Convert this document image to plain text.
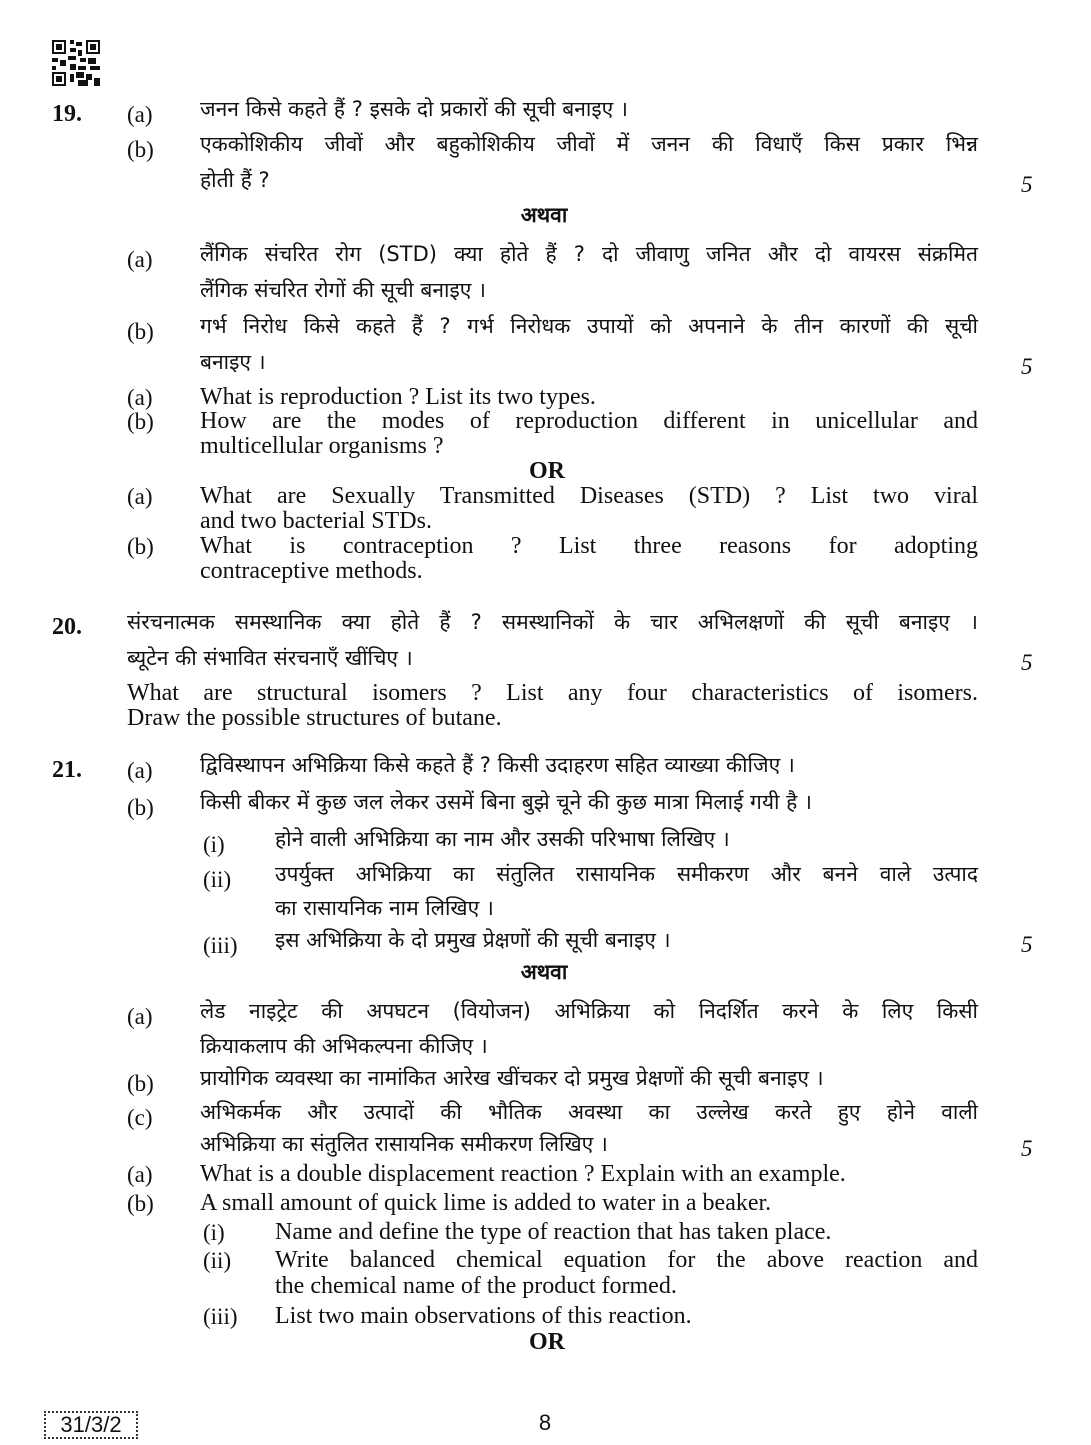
19. (a) जनन किसे कहते हैं ? इसके दो प्रकारों की सूची बनाइए ।
(b) एककोशिकीय जीवों और बहुकोशिकीय जीवों में जनन की विधाएँ किस प्रकार भिन्न
होती हैं ?	5
अथवा
(a) लैंगिक संचरित रोग (STD) क्या होते हैं ? दो जीवाणु जनित और दो वायरस संक्रमित
लैंगिक संचरित रोगों की सूची बनाइए ।
(b) गर्भ निरोध किसे कहते हैं ? गर्भ निरोधक उपायों को अपनाने के तीन कारणों की सूची
बनाइए ।	5
(a) What is reproduction ? List its two types.
(b) How are the modes of reproduction different in unicellular and
multicellular organisms ?
OR
(a) What are Sexually Transmitted Diseases (STD) ? List two viral
and two bacterial STDs.
(b) What is contraception ? List three reasons for adopting
contraceptive methods.
20. संरचनात्मक समस्थानिक क्या होते हैं ? समस्थानिकों के चार अभिलक्षणों की सूची बनाइए ।
ब्यूटेन की संभावित संरचनाएँ खींचिए ।	5
What are structural isomers ? List any four characteristics of isomers.
Draw the possible structures of butane.
21. (a) द्विविस्थापन अभिक्रिया किसे कहते हैं ? किसी उदाहरण सहित व्याख्या कीजिए ।
(b) किसी बीकर में कुछ जल लेकर उसमें बिना बुझे चूने की कुछ मात्रा मिलाई गयी है ।
(i) होने वाली अभिक्रिया का नाम और उसकी परिभाषा लिखिए ।
(ii) उपर्युक्त अभिक्रिया का संतुलित रासायनिक समीकरण और बनने वाले उत्पाद
का रासायनिक नाम लिखिए ।
(iii) इस अभिक्रिया के दो प्रमुख प्रेक्षणों की सूची बनाइए ।	5
अथवा
(a) लेड नाइट्रेट की अपघटन (वियोजन) अभिक्रिया को निदर्शित करने के लिए किसी
क्रियाकलाप की अभिकल्पना कीजिए ।
(b) प्रायोगिक व्यवस्था का नामांकित आरेख खींचकर दो प्रमुख प्रेक्षणों की सूची बनाइए ।
(c) अभिकर्मक और उत्पादों की भौतिक अवस्था का उल्लेख करते हुए होने वाली
अभिक्रिया का संतुलित रासायनिक समीकरण लिखिए ।	5
(a) What is a double displacement reaction ? Explain with an example.
(b) A small amount of quick lime is added to water in a beaker.
(i) Name and define the type of reaction that has taken place.
(ii) Write balanced chemical equation for the above reaction and
the chemical name of the product formed.
(iii) List two main observations of this reaction.
OR
31/3/2	8
